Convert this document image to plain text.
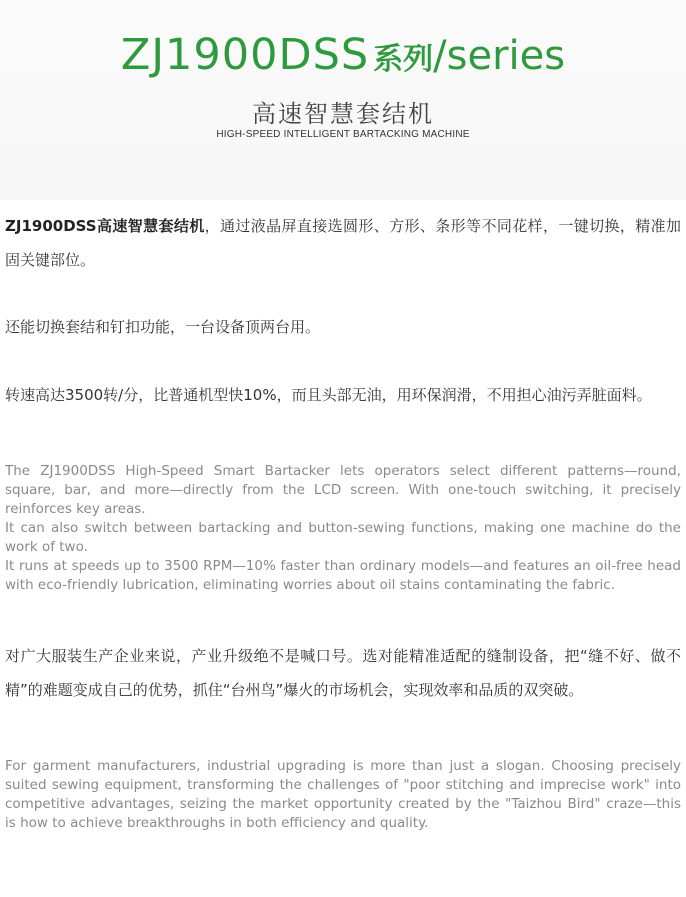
ZJ1900DSS 系列/series
高速智慧套结机
HIGH-SPEED INTELLIGENT BARTACKING MACHINE

ZJ1900DSS高速智慧套结机，通过液晶屏直接选圆形、方形、条形等不同花样，一键切换，精准加固关键部位。

还能切换套结和钉扣功能，一台设备顶两台用。

转速高达3500转/分，比普通机型快10%，而且头部无油，用环保润滑，不用担心油污弄脏面料。

The ZJ1900DSS High-Speed Smart Bartacker lets operators select different patterns—round, square, bar, and more—directly from the LCD screen. With one-touch switching, it precisely reinforces key areas.

It can also switch between bartacking and button-sewing functions, making one machine do the work of two.

It runs at speeds up to 3500 RPM—10% faster than ordinary models—and features an oil-free head with eco-friendly lubrication, eliminating worries about oil stains contaminating the fabric.

对广大服装生产企业来说，产业升级绝不是喊口号。选对能精准适配的缝制设备，把“缝不好、做不精”的难题变成自己的优势，抓住“台州鸟”爆火的市场机会，实现效率和品质的双突破。

For garment manufacturers, industrial upgrading is more than just a slogan. Choosing precisely suited sewing equipment, transforming the challenges of "poor stitching and imprecise work" into competitive advantages, seizing the market opportunity created by the "Taizhou Bird" craze—this is how to achieve breakthroughs in both efficiency and quality.
